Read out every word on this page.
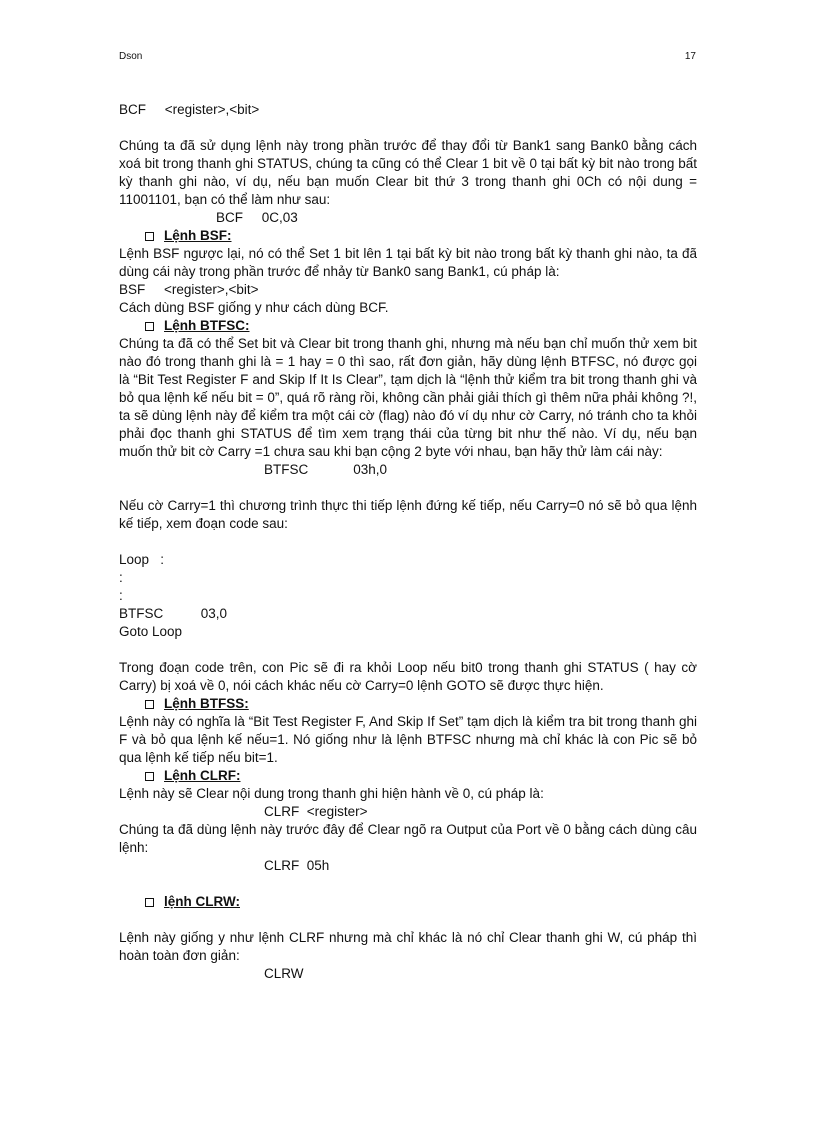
Dson	17

BCF     <register>,<bit>

Chúng ta đã sử dụng lệnh này trong phần trước để thay đổi từ Bank1 sang Bank0 bằng cách xoá bit trong thanh ghi STATUS, chúng ta cũng có thể Clear 1 bit về 0 tại bất kỳ bit nào trong bất kỳ thanh ghi nào, ví dụ, nếu bạn muốn Clear bit thứ 3 trong thanh ghi 0Ch có nội dung = 11001101, bạn có thể làm như sau:

BCF     0C,03

Lệnh BSF:

Lệnh BSF ngược lại, nó có thể Set 1 bit lên 1 tại bất kỳ bit nào trong bất kỳ thanh ghi nào, ta đã dùng cái này trong phần trước để nhảy từ Bank0 sang Bank1, cú pháp là:

BSF     <register>,<bit>

Cách dùng BSF giống y như cách dùng BCF.

Lệnh BTFSC:

Chúng ta đã có thể Set bit và Clear bit trong thanh ghi, nhưng mà nếu bạn chỉ muốn thử xem bit nào đó trong thanh ghi là = 1 hay = 0 thì sao, rất đơn giản, hãy dùng lệnh BTFSC, nó được gọi là “Bit Test Register F and Skip If It Is Clear”, tạm dịch là “lệnh thử kiểm tra bit trong thanh ghi và bỏ qua lệnh kế nếu bit = 0”, quá rõ ràng rồi, không cần phải giải thích gì thêm nữa phải không ?!, ta sẽ dùng lệnh này để kiểm tra một cái cờ (flag) nào đó ví dụ như cờ Carry, nó tránh cho ta khỏi phải đọc thanh ghi STATUS để tìm xem trạng thái của từng bit như thế nào. Ví dụ, nếu bạn muốn thử bit cờ Carry =1 chưa sau khi bạn cộng 2 byte với nhau, bạn hãy thử làm cái này:

BTFSC            03h,0

Nếu cờ Carry=1 thì chương trình thực thi tiếp lệnh đứng kế tiếp, nếu Carry=0 nó sẽ bỏ qua lệnh kế tiếp, xem đoạn code sau:

Loop   :

:

:

BTFSC          03,0

Goto Loop

Trong đoạn code trên, con Pic sẽ đi ra khỏi Loop nếu bit0 trong thanh ghi STATUS ( hay cờ Carry) bị xoá về 0, nói cách khác nếu cờ Carry=0 lệnh GOTO sẽ được thực hiện.

Lệnh BTFSS:

Lệnh này có nghĩa là “Bit Test Register F, And Skip If Set” tạm dịch là kiểm tra bit trong thanh ghi F và bỏ qua lệnh kế nếu=1. Nó giống như là lệnh BTFSC nhưng mà chỉ khác là con Pic sẽ bỏ qua lệnh kế tiếp nếu bit=1.

Lệnh CLRF:

Lệnh này sẽ Clear nội dung trong thanh ghi hiện hành về 0, cú pháp là:

CLRF  <register>

Chúng ta đã dùng lệnh này trước đây để Clear ngõ ra Output của Port về 0 bằng cách dùng câu lệnh:

CLRF  05h

lệnh CLRW:

Lệnh này giống y như lệnh CLRF nhưng mà chỉ khác là nó chỉ Clear thanh ghi W, cú pháp thì hoàn toàn đơn giản:

CLRW
